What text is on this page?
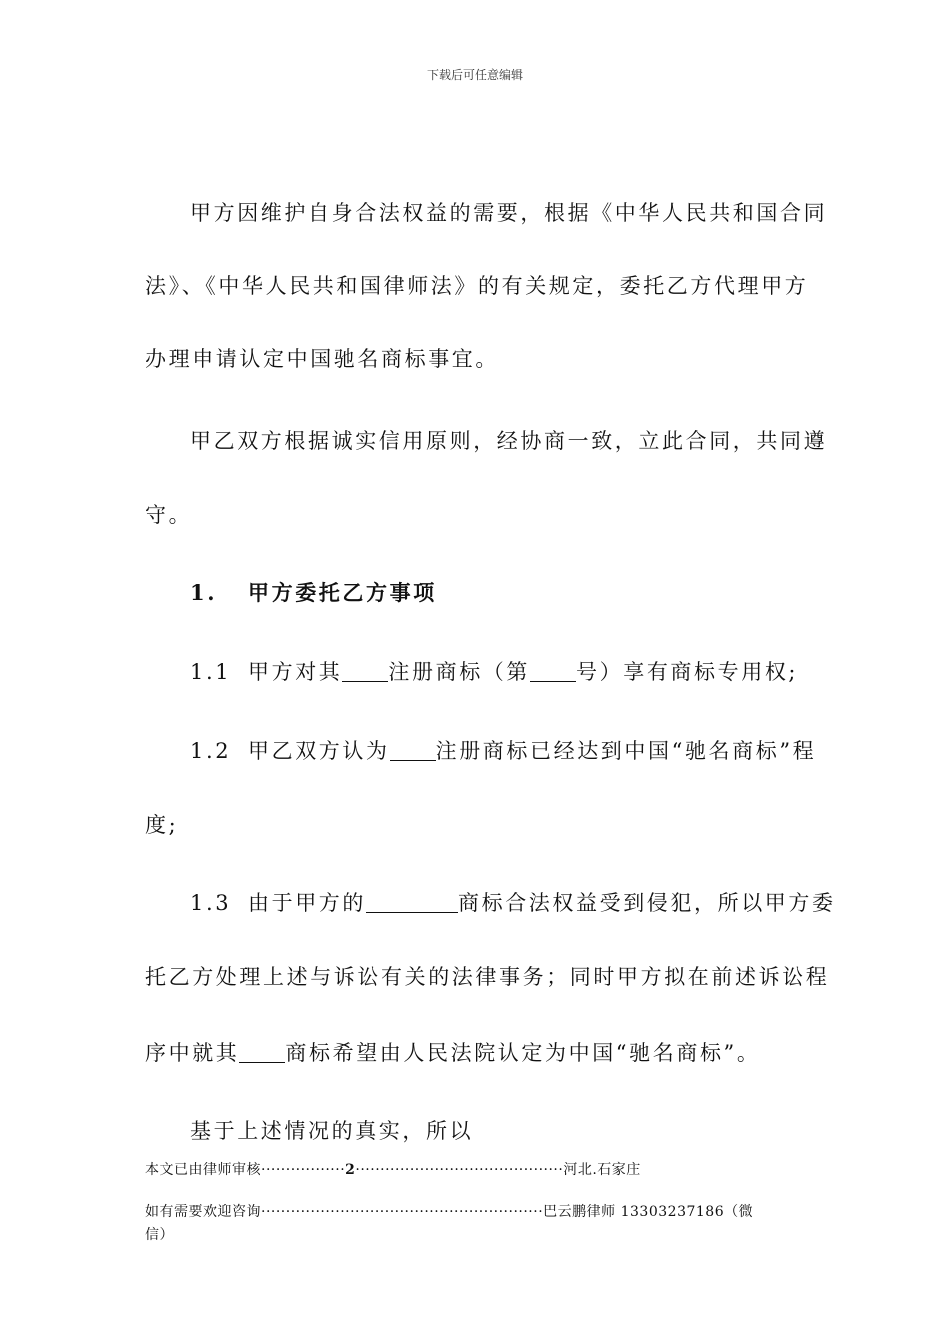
下载后可任意编辑
甲方因维护自身合法权益的需要，根据《中华人民共和国合同
法》、《中华人民共和国律师法》的有关规定，委托乙方代理甲方
办理申请认定中国驰名商标事宜。
甲乙双方根据诚实信用原则，经协商一致，立此合同，共同遵
守。
1. 甲方委托乙方事项
1.1 甲方对其 注册商标（第 号）享有商标专用权;
1.2 甲乙双方认为 注册商标已经达到中国“驰名商标”程
度;
1.3 由于甲方的	商标合法权益受到侵犯，所以甲方委
托乙方处理上述与诉讼有关的法律事务；同时甲方拟在前述诉讼程
序中就其 商标希望由人民法院认定为中国“驰名商标”。
基于上述情况的真实，所以
本文已由律师审核·················2··········································河北.石家庄
如有需要欢迎咨询·························································巴云鹏律师 13303237186（微
信）
